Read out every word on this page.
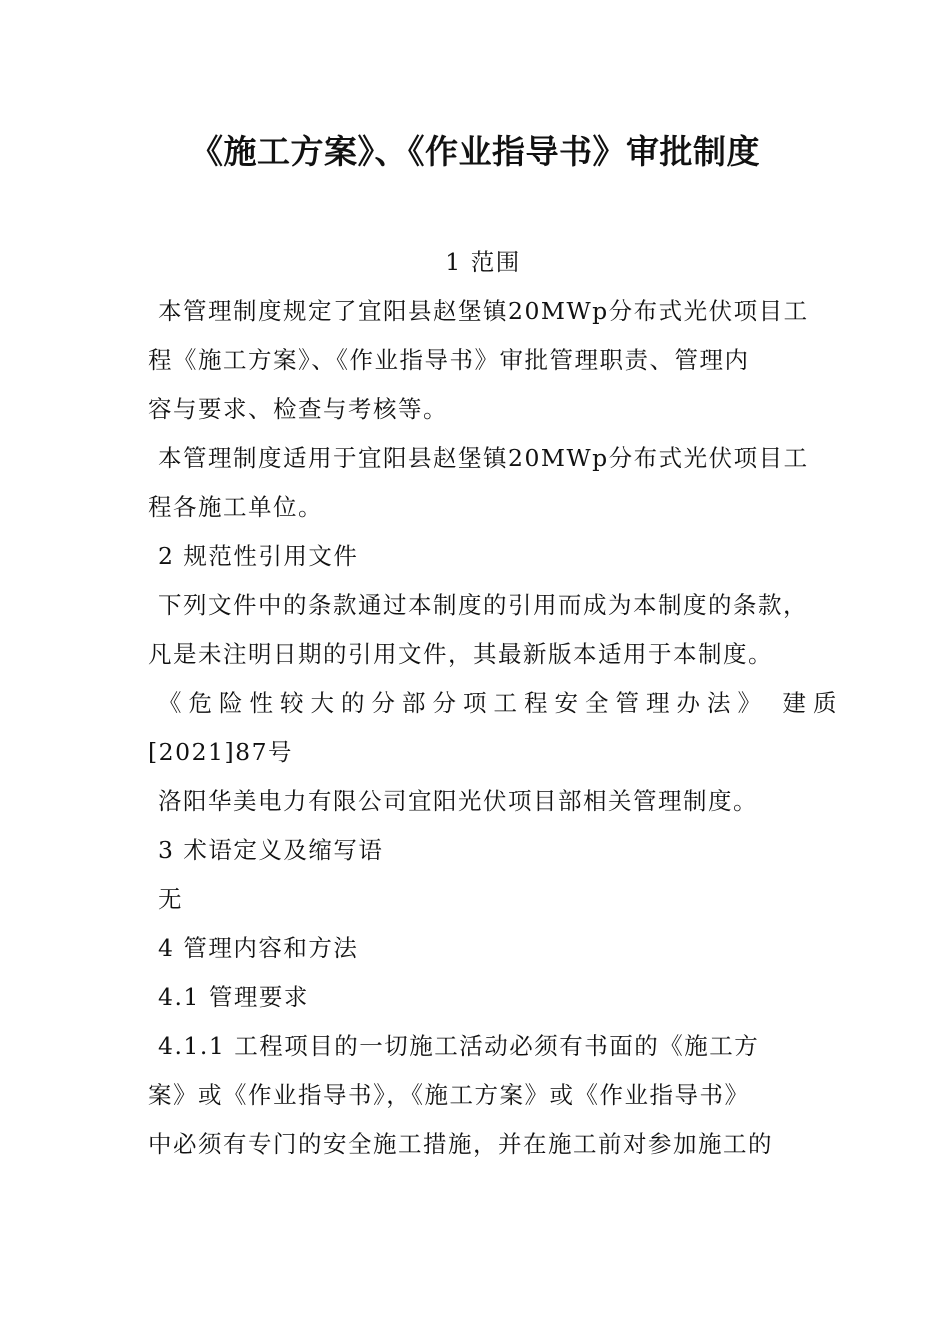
《施工方案》、《作业指导书》审批制度
1 范围
本管理制度规定了宜阳县赵堡镇20MWp分布式光伏项目工
程《施工方案》、《作业指导书》审批管理职责、管理内
容与要求、检查与考核等。
本管理制度适用于宜阳县赵堡镇20MWp分布式光伏项目工
程各施工单位。
2 规范性引用文件
下列文件中的条款通过本制度的引用而成为本制度的条款，
凡是未注明日期的引用文件，其最新版本适用于本制度。
《危险性较大的分部分项工程安全管理办法》 建质
[2021]87号
洛阳华美电力有限公司宜阳光伏项目部相关管理制度。
3 术语定义及缩写语
无
4 管理内容和方法
4.1 管理要求
4.1.1 工程项目的一切施工活动必须有书面的《施工方
案》或《作业指导书》，《施工方案》或《作业指导书》
中必须有专门的安全施工措施，并在施工前对参加施工的
